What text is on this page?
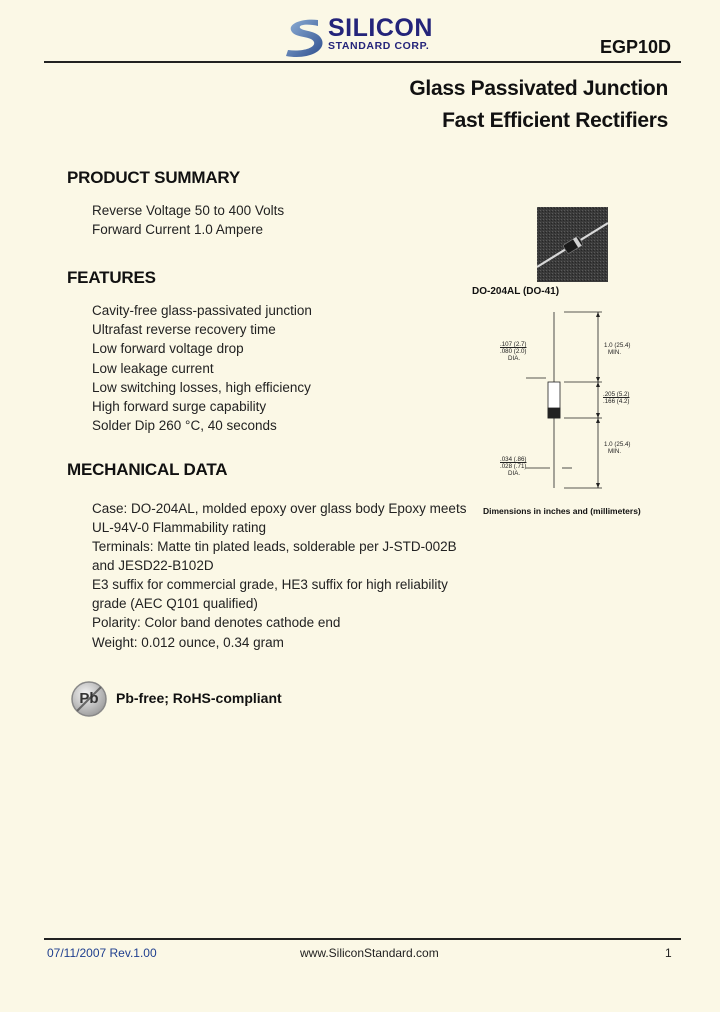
SILICON
STANDARD CORP.	EGP10D
Glass Passivated Junction
Fast Efficient Rectifiers
PRODUCT SUMMARY
Reverse Voltage 50 to 400 Volts
Forward Current 1.0 Ampere
FEATURES
Cavity-free glass-passivated junction
Ultrafast reverse recovery time
Low forward voltage drop
Low leakage current
Low switching losses, high efficiency
High forward surge capability
Solder Dip 260 °C, 40 seconds
MECHANICAL DATA
Case: DO-204AL, molded epoxy over glass body Epoxy meets
UL-94V-0 Flammability rating
Terminals: Matte tin plated leads, solderable per J-STD-002B
and JESD22-B102D
E3 suffix for commercial grade, HE3 suffix for high reliability
grade (AEC Q101 qualified)
Polarity: Color band denotes cathode end
Weight: 0.012 ounce, 0.34 gram
DO-204AL (DO-41)
1.0 (25.4)
MIN.
.107 (2.7)
.080 (2.0)
DIA.
.205 (5.2)
.166 (4.2)
1.0 (25.4)
MIN.
.034 (.86)
.028 (.71)
DIA.
Dimensions in inches and (millimeters)
Pb	Pb-free; RoHS-compliant
07/11/2007 Rev.1.00	www.SiliconStandard.com	1
